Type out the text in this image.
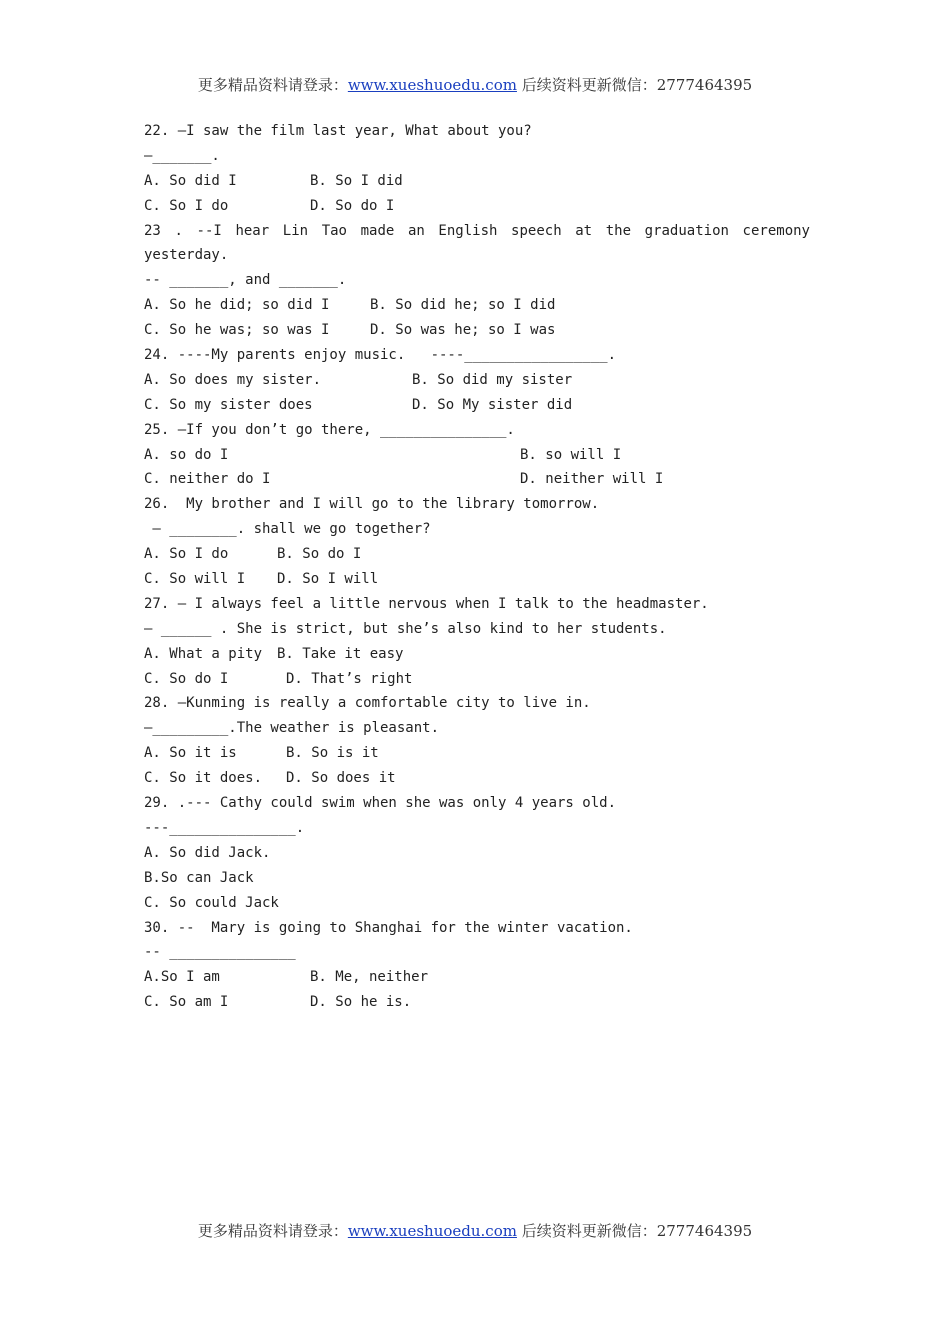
更多精品资料请登录：www.xueshuoedu.com 后续资料更新微信：2777464395
22. —I saw the film last year, What about you?
—_______.
A. So did I	B. So I did
C. So I do	D. So do I
23 . --I hear Lin Tao made an English speech at the graduation ceremony
yesterday.
-- _______, and _______.
A. So he did; so did I	B. So did he; so I did
C. So he was; so was I	D. So was he; so I was
24. ----My parents enjoy music.   ----_________________.
A. So does my sister.	B. So did my sister
C. So my sister does	D. So My sister did
25. —If you don’t go there, _______________.
A. so do I	B. so will I
C. neither do I	D. neither will I
26.  My brother and I will go to the library tomorrow.
– ________. shall we go together?
A. So I do	B. So do I
C. So will I	D. So I will
27. — I always feel a little nervous when I talk to the headmaster.
— ______ . She is strict, but she’s also kind to her students.
A. What a pity	B. Take it easy
C. So do I	D. That’s right
28. —Kunming is really a comfortable city to live in.
—_________.The weather is pleasant.
A. So it is	B. So is it
C. So it does.	D. So does it
29. .--- Cathy could swim when she was only 4 years old.
---_______________.
A. So did Jack.
B.So can Jack
C. So could Jack
30. --  Mary is going to Shanghai for the winter vacation.
-- _______________
A.So I am	B. Me, neither
C. So am I	D. So he is.
更多精品资料请登录：www.xueshuoedu.com 后续资料更新微信：2777464395
